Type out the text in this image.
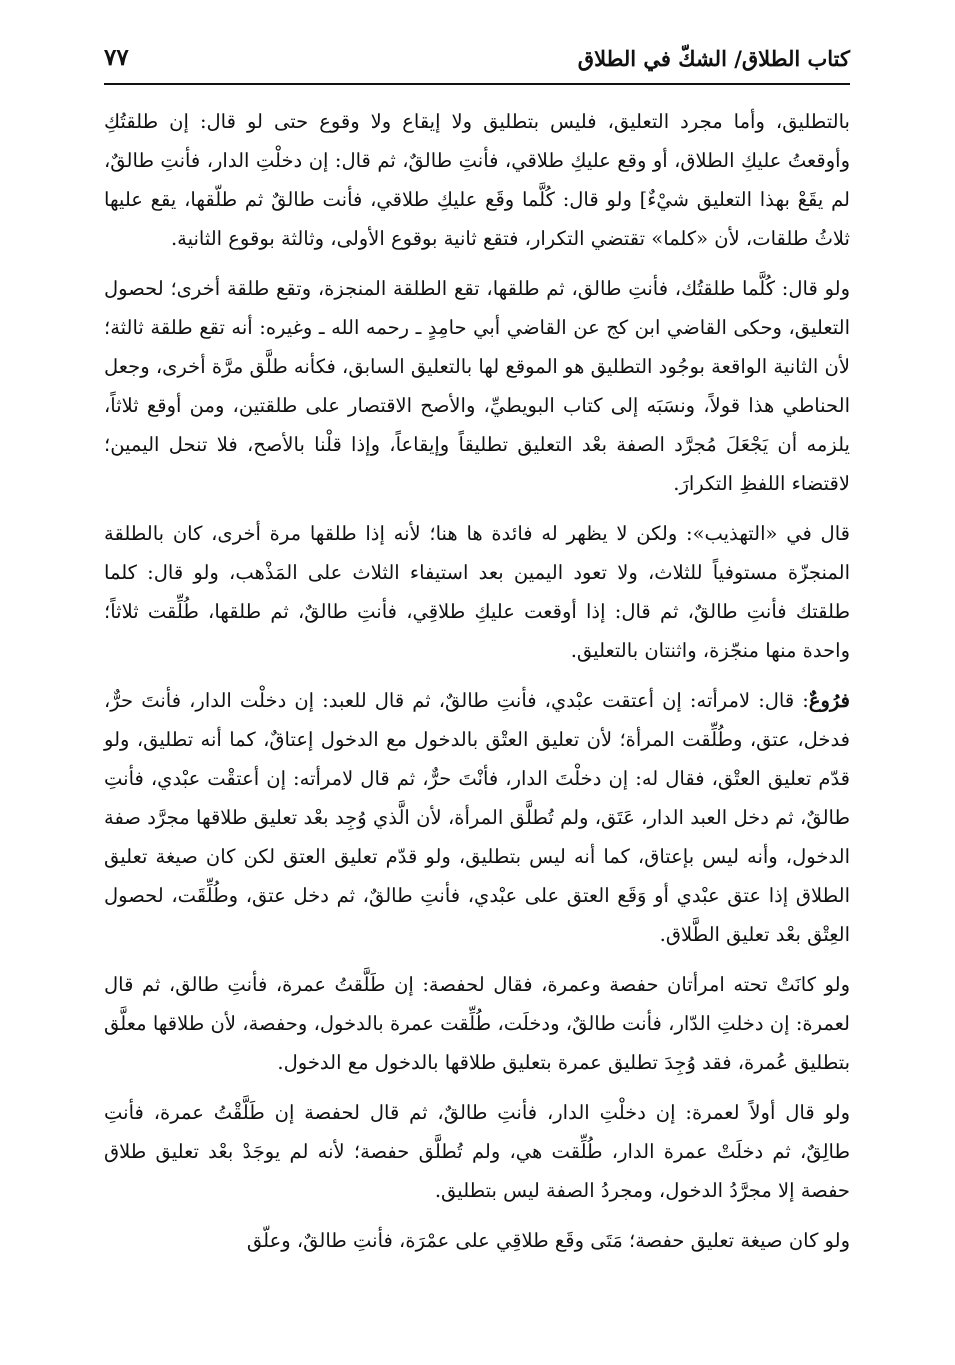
كتاب الطلاق/ الشكّ في الطلاق
٧٧

بالتطليق، وأما مجرد التعليق، فليس بتطليق ولا إيقاع ولا وقوع حتى لو قال: إن طلقتُكِ وأوقعتُ عليكِ الطلاق، أو وقع عليكِ طلاقي، فأنتِ طالقٌ، ثم قال: إن دخلْتِ الدار، فأنتِ طالقٌ، لم يقَعْ بهذا التعليق شيْءٌ] ولو قال: كُلَّما وقَع عليكِ طلاقي، فأنت طالقٌ ثم طلّقها، يقع عليها ثلاثُ طلقات، لأن «كلما» تقتضي التكرار، فتقع ثانية بوقوع الأولى، وثالثة بوقوع الثانية.

ولو قال: كُلَّما طلقتُك، فأنتِ طالق، ثم طلقها، تقع الطلقة المنجزة، وتقع طلقة أخرى؛ لحصول التعليق، وحكى القاضي ابن كج عن القاضي أبي حامِدٍ ـ رحمه الله ـ وغيره: أنه تقع طلقة ثالثة؛ لأن الثانية الواقعة بوجُود التطليق هو الموقع لها بالتعليق السابق، فكأنه طلَّق مرَّة أخرى، وجعل الحناطي هذا قولاً، ونسَبَه إلى كتاب البويطيِّ، والأصح الاقتصار على طلقتين، ومن أوقع ثلاثاً، يلزمه أن يَجْعَلَ مُجرَّد الصفة بعْد التعليق تطليقاً وإيقاعاً، وإذا قلْنا بالأصح، فلا تنحل اليمين؛ لاقتضاء اللفظِ التكرارَ.

قال في «التهذيب»: ولكن لا يظهر له فائدة ها هنا؛ لأنه إذا طلقها مرة أخرى، كان بالطلقة المنجزّة مستوفياً للثلاث، ولا تعود اليمين بعد استيفاء الثلاث على المَذْهب، ولو قال: كلما طلقتك فأنتِ طالقٌ، ثم قال: إذا أوقعت عليكِ طلاقِي، فأنتِ طالقٌ، ثم طلقها، طُلِّقت ثلاثاً؛ واحدة منها منجّزة، واثنتان بالتعليق.

فرُوعٌ: قال: لامرأته: إن أعتقت عبْدي، فأنتِ طالقٌ، ثم قال للعبد: إن دخلْت الدار، فأنتَ حرٌّ، فدخل، عتق، وطُلِّقت المرأة؛ لأن تعليق العتْق بالدخول مع الدخول إعتاقٌ، كما أنه تطليق، ولو قدّم تعليق العتْق، فقال له: إن دخلْتَ الدار، فأنْتَ حرٌّ، ثم قال لامرأته: إن أعتقْت عبْدي، فأنتِ طالقٌ، ثم دخل العبد الدار، عَتَق، ولم تُطلَّق المرأة، لأن الَّذي وُجِد بعْد تعليق طلاقها مجرَّد صفة الدخول، وأنه ليس بإعتاق، كما أنه ليس بتطليق، ولو قدّم تعليق العتق لكن كان صيغة تعليق الطلاق إذا عتق عبْدي أو وَقَع العتق على عبْدي، فأنتِ طالقٌ، ثم دخل عتق، وطُلِّقَت، لحصول العِتْق بعْد تعليق الطَّلاق.

ولو كانَتْ تحته امرأتان حفصة وعمرة، فقال لحفصة: إن طَلَّقتُ عمرة، فأنتِ طالق، ثم قال لعمرة: إن دخلتِ الدّار، فأنت طالقٌ، ودخلَت، طُلِّقت عمرة بالدخول، وحفصة، لأن طلاقها معلَّق بتطليق عُمرة، فقد وُجِدَ تطليق عمرة بتعليق طلاقها بالدخول مع الدخول.

ولو قال أولاً لعمرة: إن دخلْتِ الدار، فأنتِ طالقٌ، ثم قال لحفصة إن طَلَّقْتُ عمرة، فأنتِ طالِقٌ، ثم دخلَتْ عمرة الدار، طُلِّقت هي، ولم تُطلَّق حفصة؛ لأنه لم يوجَدْ بعْد تعليق طلاق حفصة إلا مجرَّدُ الدخول، ومجردُ الصفة ليس بتطليق.

ولو كان صيغة تعليق حفصة؛ مَتَى وقَع طلاقِي على عمْرَة، فأنتِ طالقٌ، وعلّق
